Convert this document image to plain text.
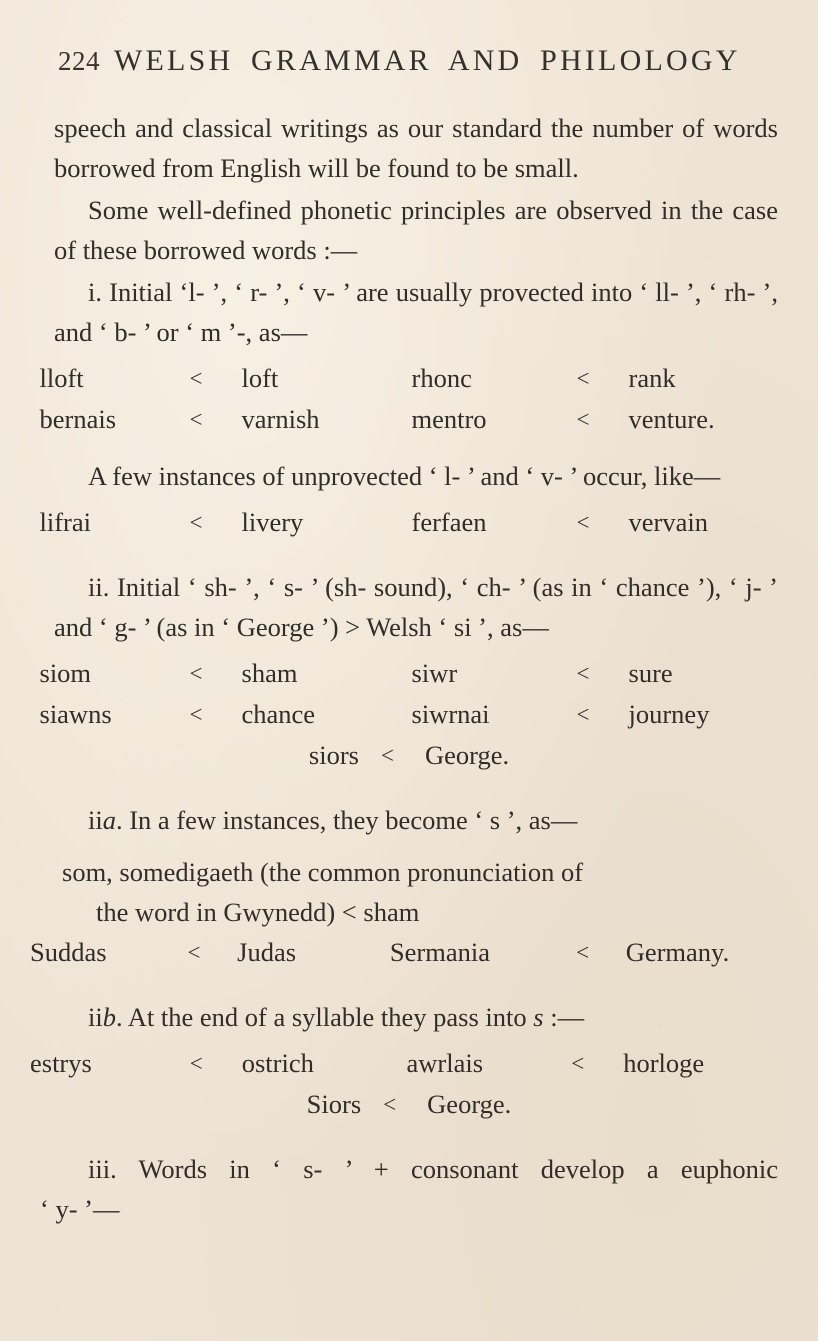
224 WELSH GRAMMAR AND PHILOLOGY

speech and classical writings as our standard the number of words borrowed from English will be found to be small.

Some well-defined phonetic principles are observed in the case of these borrowed words :—

i. Initial ‘l- ’, ‘ r- ’, ‘ v- ’ are usually provected into ‘ ll- ’, ‘ rh- ’, and ‘ b- ’ or ‘ m ’-, as—

lloft	<	loft	rhonc	<	rank
bernais	<	varnish	mentro	<	venture.

A few instances of unprovected ‘ l- ’ and ‘ v- ’ occur, like—

lifrai	<	livery	ferfaen	<	vervain

ii. Initial ‘ sh- ’, ‘ s- ’ (sh- sound), ‘ ch- ’ (as in ‘ chance ’), ‘ j- ’ and ‘ g- ’ (as in ‘ George ’) > Welsh ‘ si ’, as—

siom	<	sham	siwr	<	sure
siawns	<	chance	siwrnai	<	journey
siors <	George.

iia. In a few instances, they become ‘ s ’, as—

som, somedigaeth (the common pronunciation of

the word in Gwynedd) < sham

Suddas	<	Judas	Sermania	<	Germany.

iib. At the end of a syllable they pass into s :—

estrys	<	ostrich	awrlais	<	horloge
Siors <	George.

iii. Words in ‘ s- ’ + consonant develop a euphonic

‘ y- ’—
